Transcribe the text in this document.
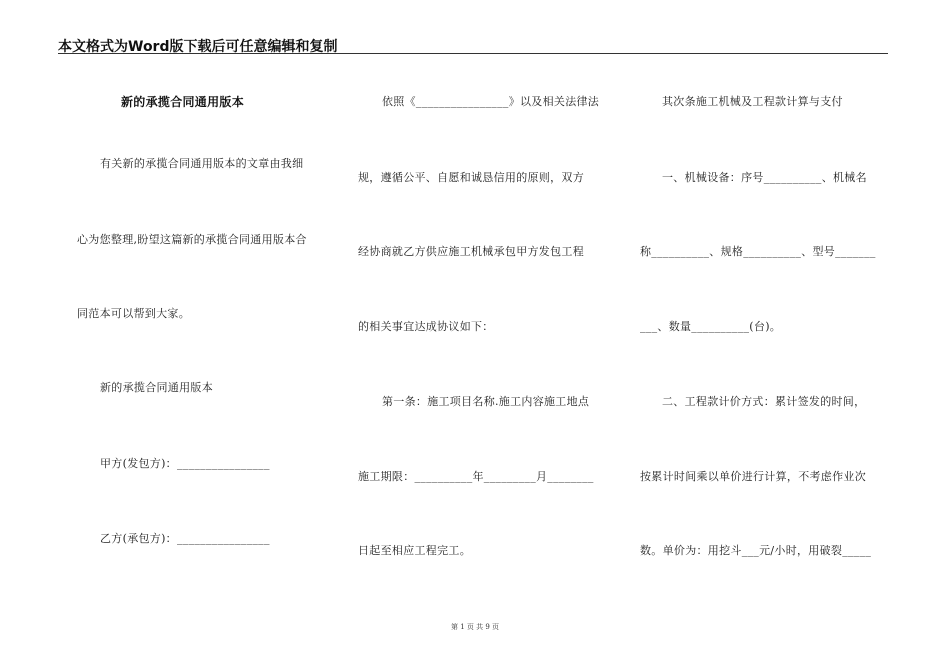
本文格式为Word版下载后可任意编辑和复制
新的承揽合同通用版本
有关新的承揽合同通用版本的文章由我细
心为您整理,盼望这篇新的承揽合同通用版本合
同范本可以帮到大家。
新的承揽合同通用版本
甲方(发包方)：________________
乙方(承包方)：________________
依照《________________》以及相关法律法
规，遵循公平、自愿和诚恳信用的原则，双方
经协商就乙方供应施工机械承包甲方发包工程
的相关事宜达成协议如下：
第一条：施工项目名称.施工内容施工地点
施工期限：__________年_________月________
日起至相应工程完工。
其次条施工机械及工程款计算与支付
一、机械设备：序号__________、机械名
称__________、规格__________、型号_______
___、数量__________(台)。
二、工程款计价方式：累计签发的时间，
按累计时间乘以单价进行计算，不考虑作业次
数。单价为：用挖斗___元/小时，用破裂_____
第 1 页 共 9 页
